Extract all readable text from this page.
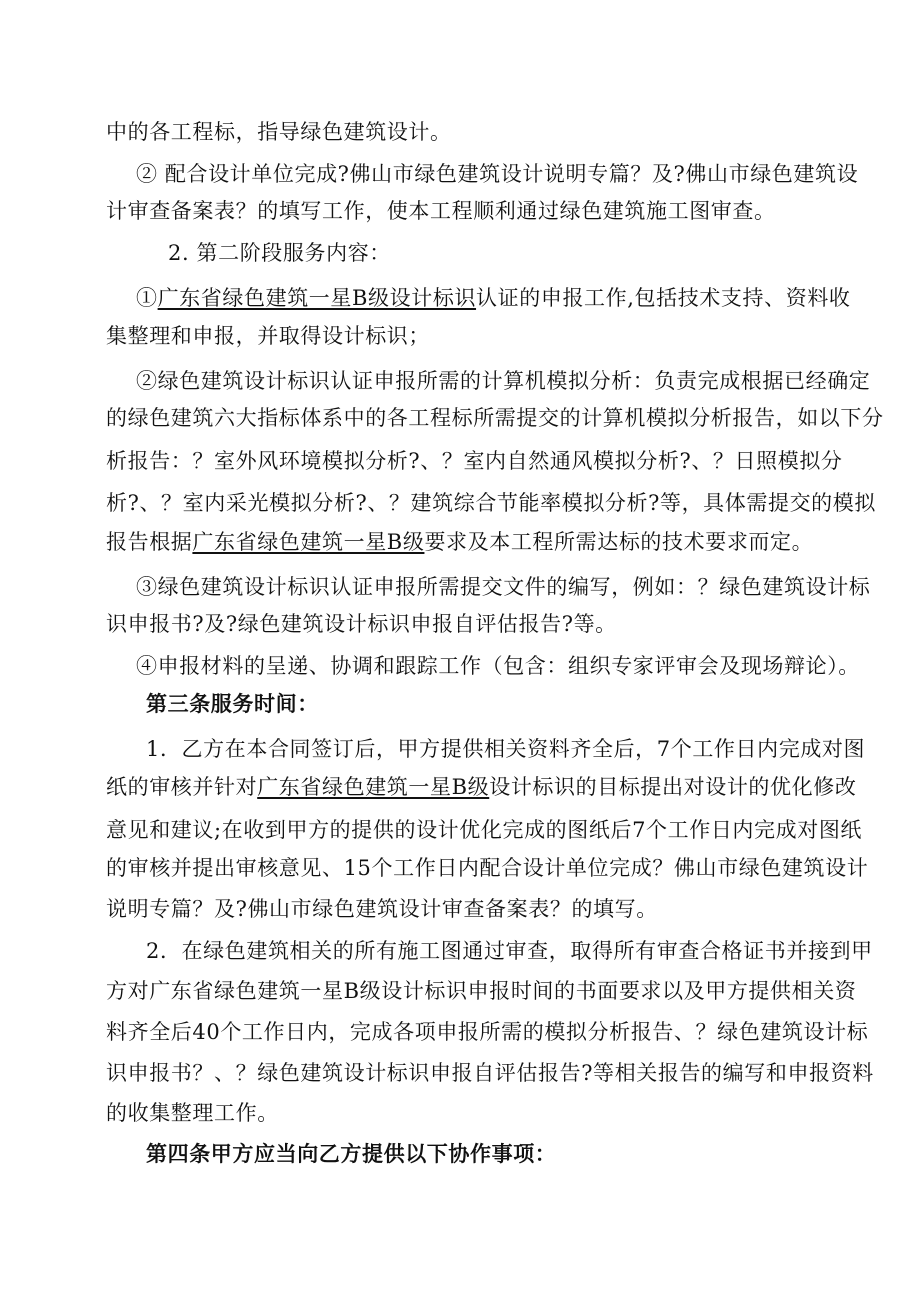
中的各工程标，指导绿色建筑设计。
② 配合设计单位完成?佛山市绿色建筑设计说明专篇？及?佛山市绿色建筑设
计审查备案表？的填写工作，使本工程顺利通过绿色建筑施工图审查。
2. 第二阶段服务内容：
①广东省绿色建筑一星B级设计标识认证的申报工作,包括技术支持、资料收
集整理和申报，并取得设计标识；
②绿色建筑设计标识认证申报所需的计算机模拟分析：负责完成根据已经确定
的绿色建筑六大指标体系中的各工程标所需提交的计算机模拟分析报告，如以下分
析报告：？室外风环境模拟分析?、？室内自然通风模拟分析?、？日照模拟分
析?、？室内采光模拟分析?、？建筑综合节能率模拟分析?等，具体需提交的模拟
报告根据广东省绿色建筑一星B级要求及本工程所需达标的技术要求而定。
③绿色建筑设计标识认证申报所需提交文件的编写，例如：？绿色建筑设计标
识申报书?及?绿色建筑设计标识申报自评估报告?等。
④申报材料的呈递、协调和跟踪工作（包含：组织专家评审会及现场辩论）。
第三条服务时间：
1．乙方在本合同签订后，甲方提供相关资料齐全后，7个工作日内完成对图
纸的审核并针对广东省绿色建筑一星B级设计标识的目标提出对设计的优化修改
意见和建议;在收到甲方的提供的设计优化完成的图纸后7个工作日内完成对图纸
的审核并提出审核意见、15个工作日内配合设计单位完成？佛山市绿色建筑设计
说明专篇？及?佛山市绿色建筑设计审查备案表？的填写。
2．在绿色建筑相关的所有施工图通过审查，取得所有审查合格证书并接到甲
方对广东省绿色建筑一星B级设计标识申报时间的书面要求以及甲方提供相关资
料齐全后40个工作日内，完成各项申报所需的模拟分析报告、？绿色建筑设计标
识申报书？、？绿色建筑设计标识申报自评估报告?等相关报告的编写和申报资料
的收集整理工作。
第四条甲方应当向乙方提供以下协作事项：
